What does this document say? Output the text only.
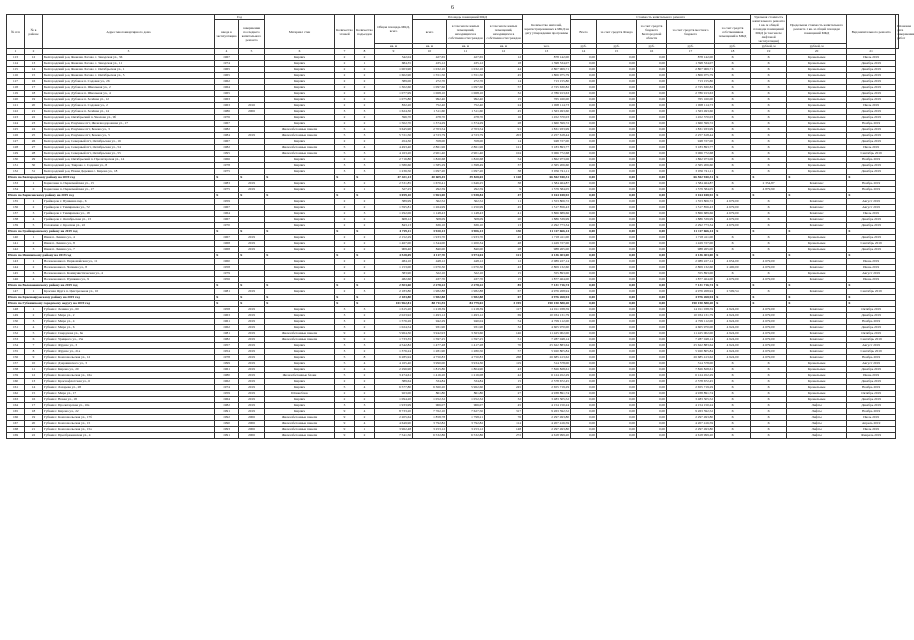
6
№ п/п	№ в районе	Адрес многоквартирного дома	Год		Материал стен	Количество этажей	Количество подъездов	Общая площадь МКД, всего	Площадь помещений МКД			Количество жителей, зарегистрированных в МКД на дату утверждения программы	Стоимость капитального ремонта					Удельная стоимость капитального ремонта 1 кв. м общей площади помещений МКД (в том числе лифтовой эксплуатации)	Предельная стоимость капитального ремонта 1 кв. м общей площади помещений МКД	Вид капитального ремонта	Плановая дата завершения работ
			ввода в эксплуатацию	завершения последнего капитального ремонта					всего	в том числе жилых помещений, находящихся в собственности граждан	в том числе жилых помещений, находящихся в собственности граждан		Всего	за счет средств Фонда	за счет средств бюджета Белгородской области	за счет средств местного бюджета	за счет средств собственников помещений в МКД				
								кв. м	кв. м	кв. м	кв. м	чел.	руб.	руб.	руб.	руб.	руб.	рублей, м	рублей, м		
1	2	3	4	5	6	7	8	9	10	11	12	13	14	15	16	17	18	19	20	21	
113	12	Белгородский р-н, Яковлев Логово с. Заводская ул., 36	1967		Кирпич	2	2	542,04	427,65	427,65	12	878 142,00	0,00	0,00	0,00	878 142,00	X	X	Кровельные	Июль 2019	
114	13	Белгородский р-н, Яковлев Логово с. Заводская ул., 11	1974		Кирпич	2	1	684,35	435,12	435,12	18	1 398 534,07	0,00	0,00	0,00	1 398 534,07	X	X	Кровельные	Декабрь 2019	
115	14	Белгородский р-н, Яковлев Логово с. Октябрьская ул., 1	1965		Кирпич	2	2	1 003,90	1 032,10	1 032,10	44	2 807 969,71	0,00	0,00	0,00	2 807 969,71	X	X	Кровельные	Декабрь 2019	
116	15	Белгородский р-н, Яковлев Логово с. Октябрьская ул., 5	1965		Кирпич	2	2	1 602,90	1 551,50	1 551,50	45	1 806 075,79	0,00	0,00	0,00	1 806 075,79	X	X	Кровельные	Декабрь 2019	
117	16	Белгородский р-н, Дубовое п. Садовая ул., 26	1962		Кирпич	2	2	389,00	272,70	272,70	14	713 155,80	0,00	0,00	0,00	713 155,80	X	X	Кровельные	Декабрь 2019	
118	17	Белгородский р-н, Дубовое п. Школьная ул., 2	1964		Кирпич	2	2	1 302,60	1 097,60	1 097,60	57	2 725 630,82	0,00	0,00	0,00	2 725 630,82	X	X	Кровельные	Декабрь 2019	
119	18	Белгородский р-н, Дубовое п. Школьная ул., 4	1965		Кирпич	2	2	1 077,99	1 068,10	1 068,10	32	2 786 913,63	0,00	0,00	0,00	2 786 913,63	X	X	Кровельные	Декабрь 2019	
120	19	Белгородский р-н, Дубовое п. Зелёная ул., 12	1963		Кирпич	2	2	1 075,80	992,40	992,40	15	765 160,00	0,00	0,00	0,00	765 160,00	X	X	Кровельные	Декабрь 2019	
121	20	Белгородский р-н, Дубовое п. Садовая ул., 2	1963	2016	Кирпич	2	2	832,20	752,40	752,40	24	1 008 114,73	0,00	0,00	0,00	1 008 114,73	X	X	Кровельные	Июль 2019	
122	21	Белгородский р-н, Дубовое п. Зелёная ул., 14	1986	2006	Кирпич	3	3	1 624,30	1 511,60	1 511,60	45	1 563 493,60	0,00	0,00	0,00	1 563 493,60	X	X	Кровельные	Декабрь 2019	
123	22	Белгородский р-н, Октябрьский п. Чкалова ул., 9б	1976		Кирпич	2	2	596,70	478,70	478,70	16	1 452 370,03	0,00	0,00	0,00	1 452 370,03	X	X	Кровельные	Декабрь 2019	
124	23	Белгородский р-н, Разумное пгт, Железнодорожная ул., 17	1967		Кирпич	2	2	1 502,70	1 374,29	1 374,29	28	1 660 599,72	0,00	0,00	0,00	1 660 599,72	X	X	Кровельные	Ноябрь 2019	
125	24	Белгородский р-н, Разумное пгт, Бокова ул., 3	1982		Железобетонные панели	5	4	3 645,90	2 703,54	2 703,54	91	1 831 933,99	0,00	0,00	0,00	1 831 933,99	X	X	Кровельные	Декабрь 2019	
126	25	Белгородский р-н, Разумное пгт, Бокова ул., 5	1984	2019	Железобетонные панели	5	3	5 721,50	4 723,79	4 723,79	203	2 257 618,44	0,00	0,00	0,00	2 257 618,44	X	X	Кровельные	Декабрь 2019	
127	26	Белгородский р-н, Северный пгт, Октябрьская ул., 16	1967		Кирпич	2	2	454,30	358,00	358,00	14	948 727,00	0,00	0,00	0,00	948 727,00	X	X	Кровельные	Декабрь 2019	
128	27	Белгородский р-н, Северный пгт, Октябрьская ул., 54	1982		Железобетонные панели	5	4	4 493,40	2 861,96	2 861,96	121	3 183 893,77	0,00	0,00	0,00	3 183 893,77	X	X	Кровельные	Июль 2019	
129	28	Белгородский р-н, Северный пгт, Октябрьская ул., 55	1995		Железобетонные панели	5	3	4 163,20	2 901,40	2 901,40	104	3 066 772,68	0,00	0,00	0,00	3 066 772,68	X	X	Кровельные	Сентябрь 2019	
130	29	Белгородский р-н, Октябрьский п. Пролетарская ул., 14	1966		Кирпич	2	2	2 716,80	1 820,68	1 820,68	54	1 862 973,06	0,00	0,00	0,00	1 862 973,06	X	X	Кровельные	Ноябрь 2019	
131	30	Белгородский р-н, Таврово с. Садовая ул., 8	1978		Кирпич	3	3	1 580,60	1 585,29	1 398,49	37	2 365 206,60	0,00	0,00	0,00	2 365 206,60	X	X	Кровельные	Декабрь 2019	
132	31	Белгородский р-н, Новая Деревня с. Кирова ул., 18	1975		Кирпич	3	3	1 236,50	1 097,20	1 097,20	38	3 056 741,11	0,00	0,00	0,00	3 056 741,11	X	X	Кровельные	Декабрь 2019	
Итого по Белгородскому району на 2019 год			X	X	X	X	X	47 421,13	40 609,45	39 828,65	1 128	66 502 940,31	0,00	0,00	0,00	66 502 940,31	X	X	X	X	
133	1	Борисовка п. Первомайская ул., 15	1983	2019	Кирпич	3	2	2 531,85	1 670,41	1 646,25	38	1 584 464,87	0,00	0,00	0,00	1 584 464,87	X	2 354,87	Комплекс	Ноябрь 2019	
134	2	Борисовка п. Первомайская ул., 17	1975	2019	Кирпич	2	1	527,25	292,59	292,59	9	1 579 584,05	0,00	0,00	0,00	1 579 584,05	X	4 879,90	Кровельные	Ноябрь 2019	
Итого по Борисовскому району на 2019 год			X	X	X	X	X	3 059,10	1 963,00	1 938,84	47	3 164 048,92	0,00	0,00	0,00	3 164 048,92	X	X	X	X	
135	1	Грайворон г. Пушкина пер., 6	1959		Кирпич	2	2	389,99	362,52	362,52	11	1 553 806,72	0,00	0,00	0,00	1 553 806,72	4 679,00	X	Комплекс	Август 2019	
136	2	Грайворон г. Тимирязева ул., 72	1967		Кирпич	2	2	1 595,81	1 264,99	1 250,99	45	1 517 856,43	0,00	0,00	0,00	1 517 856,43	4 679,00	X	Комплекс	Август 2019	
137	3	Грайворон г. Тимирязева ул., 18	1964		Кирпич	2	3	1 292,06	1 148,43	1 148,43	41	3 866 689,66	0,00	0,00	0,00	3 866 689,66	4 679,00	X	Комплекс	Июль 2019	
138	4	Грайворон г. Октябрьская ул., 13	1967		Кирпич	2	2	608,12	508,09	508,09	20	1 886 539,99	0,00	0,00	0,00	1 886 539,99	4 679,00	X	Комплекс	Декабрь 2019	
139	5	Головчино с. Красная ул., 22	1970		Кирпич	2	2	843,13	636,10	636,10	13	2 292 773,34	0,00	0,00	0,00	2 292 773,34	4 679,00	X	Комплекс	Декабрь 2019	
Итого по Грайворонскому району на 2019 год			X	X	X	X	X	4 729,11	3 920,13	3 906,13	130	11 117 666,14	0,00	0,00	0,00	11 117 666,14	X	X	X	X	
140	1	Ивня п. Ленина ул., 4	1967	2019	Кирпич	2	2	2 152,29	1 933,70	1 933,70	45	1 718 411,00	0,00	0,00	0,00	1 718 411,00	X	X	Кровельные	Декабрь 2019	
141	2	Ивня п. Ленина ул., 8	1968	2019	Кирпич	2	2	1 467,00	1 344,00	1 200,34	48	1 429 727,00	0,00	0,00	0,00	1 429 727,00	X	X	Кровельные	Сентябрь 2019	
142	3	Ивня п. Ленина ул., 7	1968	2019	Кирпич	2	2	909,40	840,00	840,00	28	988 265,00	0,00	0,00	0,00	988 265,00	X	X	Кровельные	Декабрь 2019	
Итого по Ивнянскому району на 2019 год			X	X	X	X	X	4 528,69	4 117,70	3 974,04	121	4 136 403,00	0,00	0,00	0,00	4 136 403,00	X	X	X	X	
143	1	Волоконовка п. Первомайская ул., 11	1960		Кирпич	2	2	484,10	448,12	448,12	12	2 089 227,14	0,00	0,00	0,00	2 089 227,14	4 654,00	4 679,00	Комплекс	Июнь 2019	
144	2	Волоконовка п. Чапаева ул., 8	1958		Кирпич	2	2	1 153,00	1 070,30	1 070,30	43	2 809 132,60	0,00	0,00	0,00	2 809 132,60	2 400,00	4 679,00	Комплекс	Июнь 2019	
145	3	Волоконовка п. Коммунистическая ул., 4	1979		Кирпич	2	2	383,90	322,10	322,10	15	355 893,00	0,00	0,00	0,00	355 893,00	X	X	Кровельные	Август 2019	
146	4	Волоконовка п. Пушкина ул., 9	1956		Кирпич	2	1	482,60	437,70	437,70	15	1 877 464,00	0,00	0,00	0,00	1 877 464,00	4 679,00	4 679,00	Комплекс	Июнь 2019	
Итого по Волоконовскому району на 2019 год			X	X	X	X	X	2 503,60	2 278,22	2 278,22	85	7 131 716,74	0,00	0,00	0,00	7 131 716,74	X	X	X	X	
147	1	Красная Яруга п. Центральная ул., 10	1981	2019	Кирпич	2	3	2 183,80	1 982,88	1 982,88	67	4 976 268,94	0,00	0,00	0,00	4 976 268,94	2 509,54	X	Комплекс	Сентябрь 2019	
Итого по Краснояружскому району на 2019 год			X	X	X	X	X	2 183,80	1 982,88	1 982,88	67	4 976 268,94	0,00	0,00	0,00	4 976 268,94	X	X	X	X	
Итого по Губкинскому городскому округу на 2019 год			X	X	X	X	X	101 962,81	88 711,55	84 779,02	3 195	190 150 580,20	0,00	0,00	0,00	190 150 580,20	X	X	X	X	
148	1	Губкин г. Ленина ул., 60	1958	2019	Кирпич	3	3	1 615,20	1 218,39	1 218,39	117	14 011 038,59	0,00	0,00	0,00	14 011 038,59	4 924,00	4 679,00	Комплекс	Октябрь 2019	
149	2	Губкин г. Мира ул., 2	1963	2019	Кирпич	3	2	2 023,92	1 493,12	1 493,12	69	10 034 131,79	0,00	0,00	0,00	10 034 131,79	4 924,00	4 679,00	Комплекс	Декабрь 2019	
150	3	Губкин г. Мира ул., 4	1961	2019	Кирпич	3	2	1 576,26	942,29	940,04	54	4 709 112,00	0,00	0,00	0,00	4 709 112,00	4 924,00	4 679,00	Комплекс	Ноябрь 2019	
151	4	Губкин г. Мира ул., 6	1962	2019	Кирпич	3	2	1 024,54	931,90	931,90	32	4 605 970,00	0,00	0,00	0,00	4 605 970,00	4 924,00	4 679,00	Комплекс	Декабрь 2019	
152	5	Губкин г. Свердлова ул., 6а	1981	2019	Железобетонные панели	9	2	5 964,30	3 942,93	3 363,60	146	11 425 002,00	0,00	0,00	0,00	11 425 002,00	4 924,00	4 679,00	Комплекс	Октябрь 2019	
153	6	Губкин г. Урицкого ул., 15а	1982	2019	Железобетонные панели	9	2	1 733,35	1 597,25	1 597,25	51	7 287 048,14	0,00	0,00	0,00	7 287 048,14	4 924,00	4 679,00	Комплекс	Сентябрь 2019	
154	7	Губкин г. Фрунзе ул., 3	1957	2019	Кирпич	3	3	4 542,82	1 477,48	1 417,28	70	25 622 883,64	0,00	0,00	0,00	25 622 883,64	4 924,00	4 679,00	Комплекс	Август 2019	
155	8	Губкин г. Фрунзе ул., 21а	1954	2019	Кирпич	3	2	1 376,24	1 281,90	1 280,50	57	5 920 805,84	0,00	0,00	0,00	5 920 805,84	4 924,00	4 679,00	Комплекс	Сентябрь 2019	
156	9	Губкин г. Комсомольская ул., 12	1978	2019	Кирпич	5	8	6 285,94	4 750,83	4 750,83	268	26 685 413,62	0,00	0,00	0,00	26 685 413,62	4 924,00	4 679,00	Комплекс	Ноябрь 2019	
157	10	Губкин г. Дзержинского ул., 3	1999	2019	Кирпич	5	4	4 165,40	3 990,00	3 934,30	119	314 578,00	0,00	0,00	0,00	314 578,00	X	X	Кровельные	Август 2019	
158	11	Губкин г. Кирова ул., 20	1961	2019	Кирпич	2	4	2 296,90	1 815,80	1 804,90	43	7 826 828,61	0,00	0,00	0,00	7 826 828,61	X	X	Кровельные	Декабрь 2019	
159	12	Губкин г. Комсомольская ул., 16а	1980	2019	Железобетонные блоки	5	2	3 474,61	1 416,20	1 216,08	42	6 124 452,29	0,00	0,00	0,00	6 124 452,29	X	X	Кровельные	Июнь 2019	
160	13	Губкин г. Краснофлотская ул., 6	1962	2019	Кирпич	2	2	389,64	334,84	334,84	15	2 578 672,45	0,00	0,00	0,00	2 578 672,45	X	X	Кровельные	Декабрь 2019	
161	14	Губкин г. Лазарева ул., 28	1974	2019	Кирпич	5	4	6 577,80	6 360,20	5 962,60	245	2 655 719,29	0,00	0,00	0,00	2 655 719,29	X	X	Кровельные	Ноябрь 2019	
162	15	Губкин г. Мира ул., 17	1959	2019	Шлакоблок	2	2	923,00	861,80	861,80	27	4 938 891,74	0,00	0,00	0,00	4 938 891,74	X	X	Кровельные	Октябрь 2019	
163	16	Губкин г. Новая ул., 18	1964	2019	Кирпич	2	2	1 094,20	1 052,32	1 052,32	32	3 483 505,52	0,00	0,00	0,00	3 483 505,52	X	X	Кровельные	Декабрь 2019	
164	17	Губкин г. Пролетарская ул., 16а	1982	2019	Кирпич	3	3	1 933,99	966,07	966,07	45	4 154 150,24	0,00	0,00	0,00	4 154 150,24	X	X	Лифты	Декабрь 2019	
165	18	Губкин г. Кирова ул., 22	1991	2019	Кирпич	9	4	8 733,20	7 762,10	7 627,50	317	9 263 592,52	0,00	0,00	0,00	9 263 592,52	X	X	Лифты	Ноябрь 2019	
166	19	Губкин г. Комсомольская ул., 17б	1992	2006	Железобетонные панели	9	2	2 205,64	1 858,78	1 798,21	76	2 297 493,80	0,00	0,00	0,00	2 297 493,80	X	X	Лифты	Июль 2019	
167	20	Губкин г. Комсомольская ул., 15	1990	2006	Железобетонные панели	9	4	4 649,90	3 792,82	3 792,82	114	4 207 416,59	0,00	0,00	0,00	4 207 416,59	X	X	Лифты	Апрель 2019	
168	21	Губкин г. Комсомольская ул., 15а	1993	2006	Железобетонные панели	9	1	3 962,48	3 253,12	3 253,12	148	2 297 493,80	0,00	0,00	0,00	2 297 493,80	X	X	Лифты	Июль 2019	
169	22	Губкин г. Преображенская ул., 4	1991	2006	Железобетонные панели	9	2	7 541,50	6 532,86	6 532,86	272	4 618 999,20	0,00	0,00	0,00	4 618 999,20	X	X	Лифты	Февраль 2019	
